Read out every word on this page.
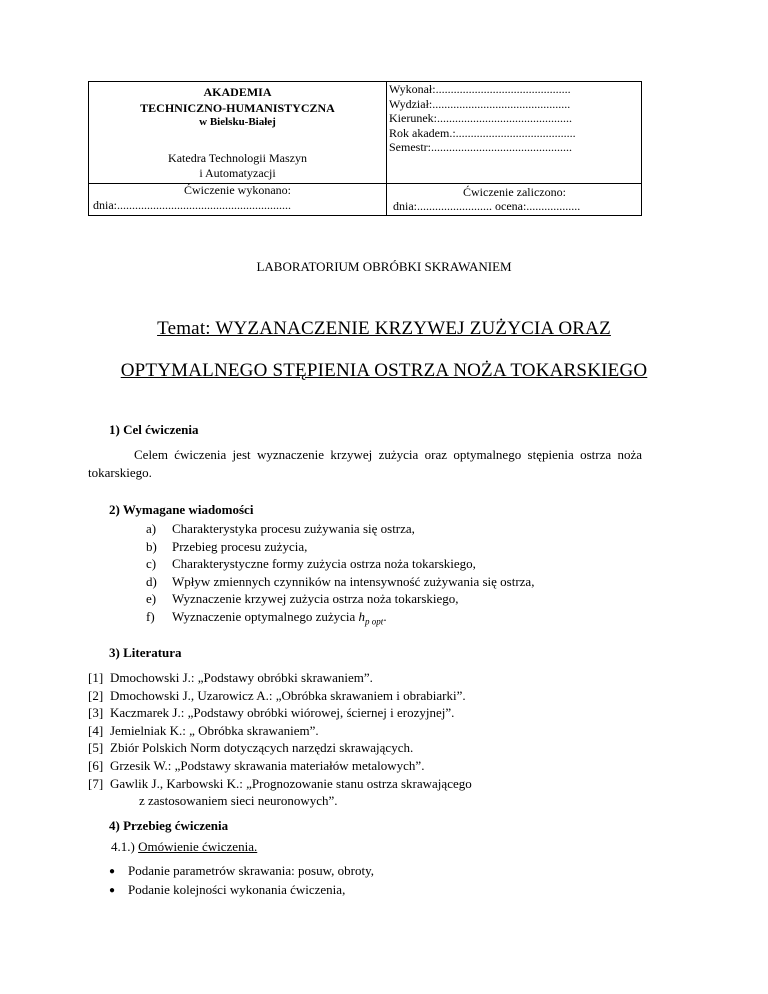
AKADEMIA
TECHNICZNO-HUMANISTYCZNA
w Bielsku-Białej
Katedra Technologii Maszyn
i Automatyzacji
Ćwiczenie wykonano:
dnia:..........................................................
Wykonał:.............................................
Wydział:..............................................
Kierunek:.............................................
Rok akadem.:........................................
Semestr:...............................................
Ćwiczenie zaliczono:
dnia:......................... ocena:..................
LABORATORIUM OBRÓBKI SKRAWANIEM
Temat: WYZANACZENIE KRZYWEJ ZUŻYCIA ORAZ
OPTYMALNEGO STĘPIENIA OSTRZA NOŻA TOKARSKIEGO
1) Cel ćwiczenia
Celem ćwiczenia jest wyznaczenie krzywej zużycia oraz optymalnego stępienia ostrza noża tokarskiego.
2) Wymagane wiadomości
a) Charakterystyka procesu zużywania się ostrza,
b) Przebieg procesu zużycia,
c) Charakterystyczne formy zużycia ostrza noża tokarskiego,
d) Wpływ zmiennych czynników na intensywność zużywania się ostrza,
e) Wyznaczenie krzywej zużycia ostrza noża tokarskiego,
f) Wyznaczenie optymalnego zużycia $h_{p opt}$.
3) Literatura
[1] Dmochowski J.: „Podstawy obróbki skrawaniem”.
[2] Dmochowski J., Uzarowicz A.: „Obróbka skrawaniem i obrabiarki”.
[3] Kaczmarek J.: „Podstawy obróbki wiórowej, ściernej i erozyjnej”.
[4] Jemielniak K.: „ Obróbka skrawaniem”.
[5] Zbiór Polskich Norm dotyczących narzędzi skrawających.
[6] Grzesik W.: „Podstawy skrawania materiałów metalowych”.
[7] Gawlik J., Karbowski K.: „Prognozowanie stanu ostrza skrawającego
z zastosowaniem sieci neuronowych”.
4) Przebieg ćwiczenia
4.1.) Omówienie ćwiczenia.
● Podanie parametrów skrawania: posuw, obroty,
● Podanie kolejności wykonania ćwiczenia,
